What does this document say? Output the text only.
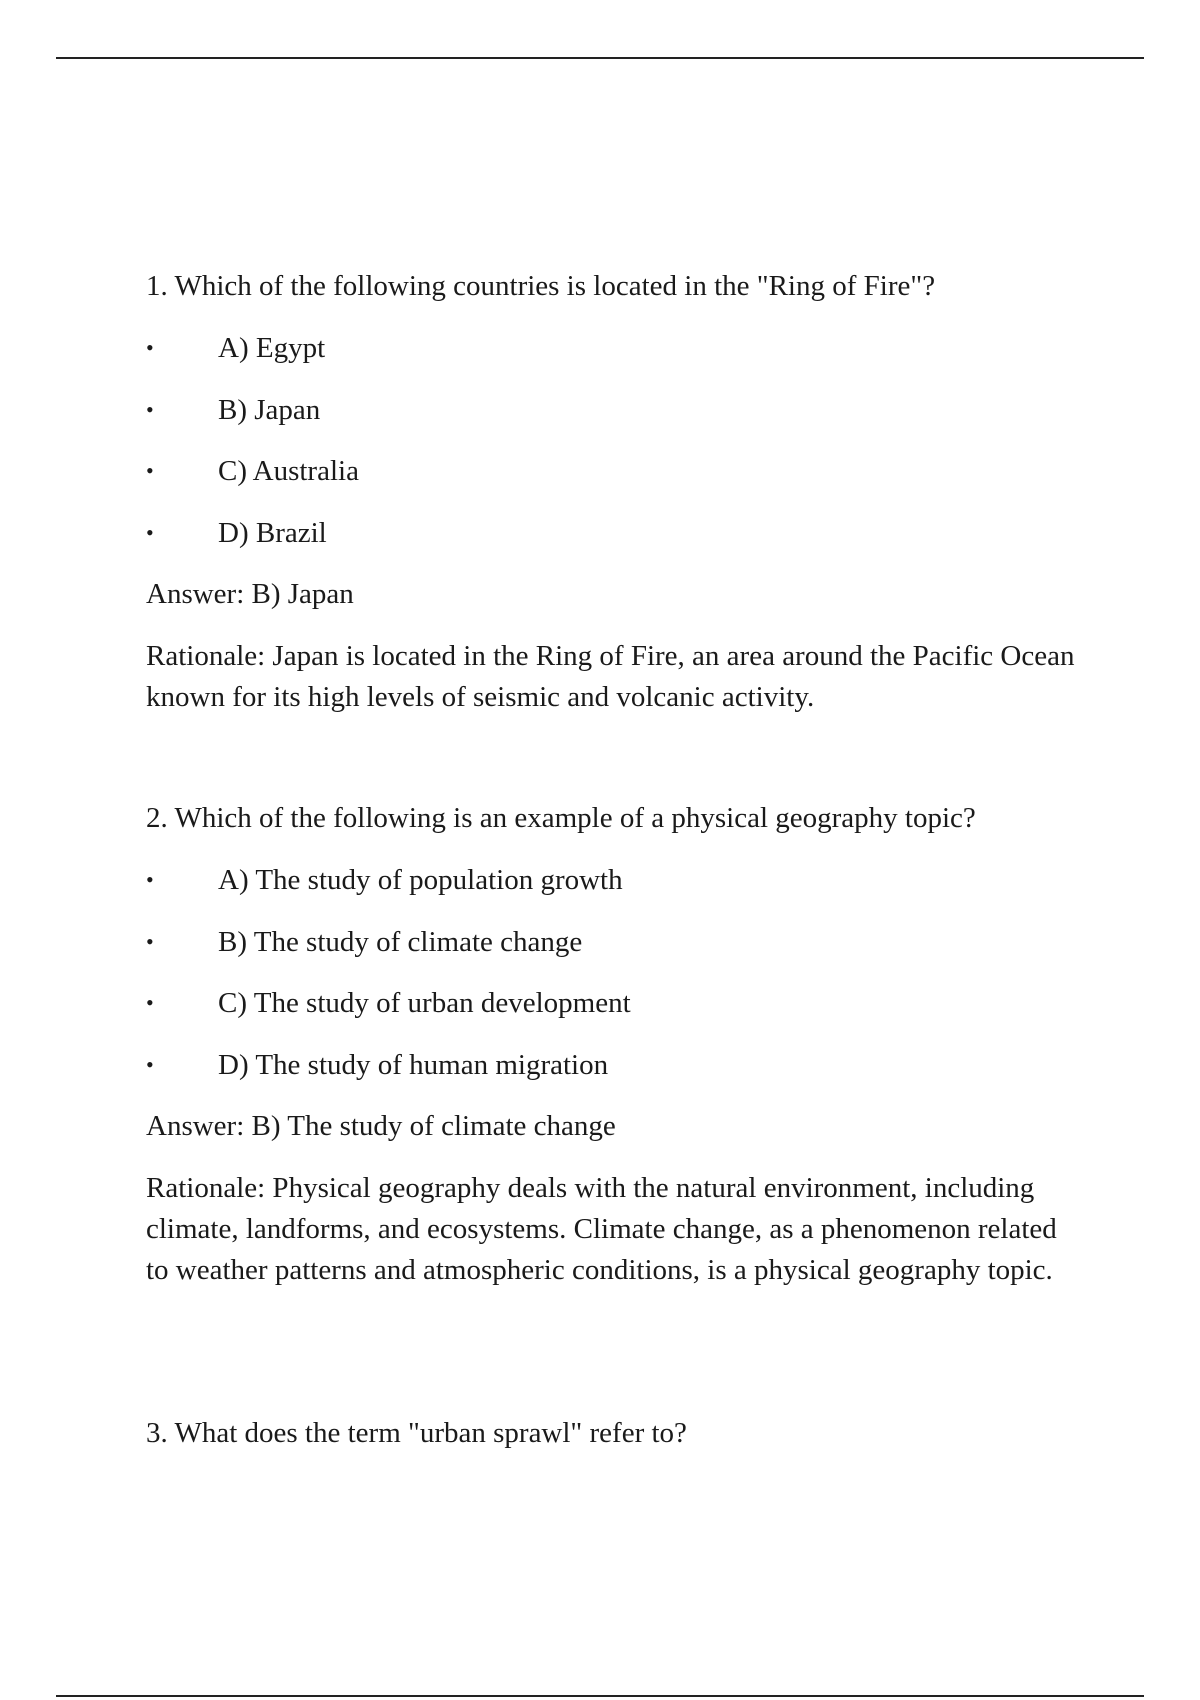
1. Which of the following countries is located in the "Ring of Fire"?

•	A) Egypt
•	B) Japan
•	C) Australia
•	D) Brazil

Answer: B) Japan

Rationale: Japan is located in the Ring of Fire, an area around the Pacific Ocean known for its high levels of seismic and volcanic activity.

2. Which of the following is an example of a physical geography topic?

•	A) The study of population growth
•	B) The study of climate change
•	C) The study of urban development
•	D) The study of human migration

Answer: B) The study of climate change

Rationale: Physical geography deals with the natural environment, including climate, landforms, and ecosystems. Climate change, as a phenomenon related to weather patterns and atmospheric conditions, is a physical geography topic.

3. What does the term "urban sprawl" refer to?
